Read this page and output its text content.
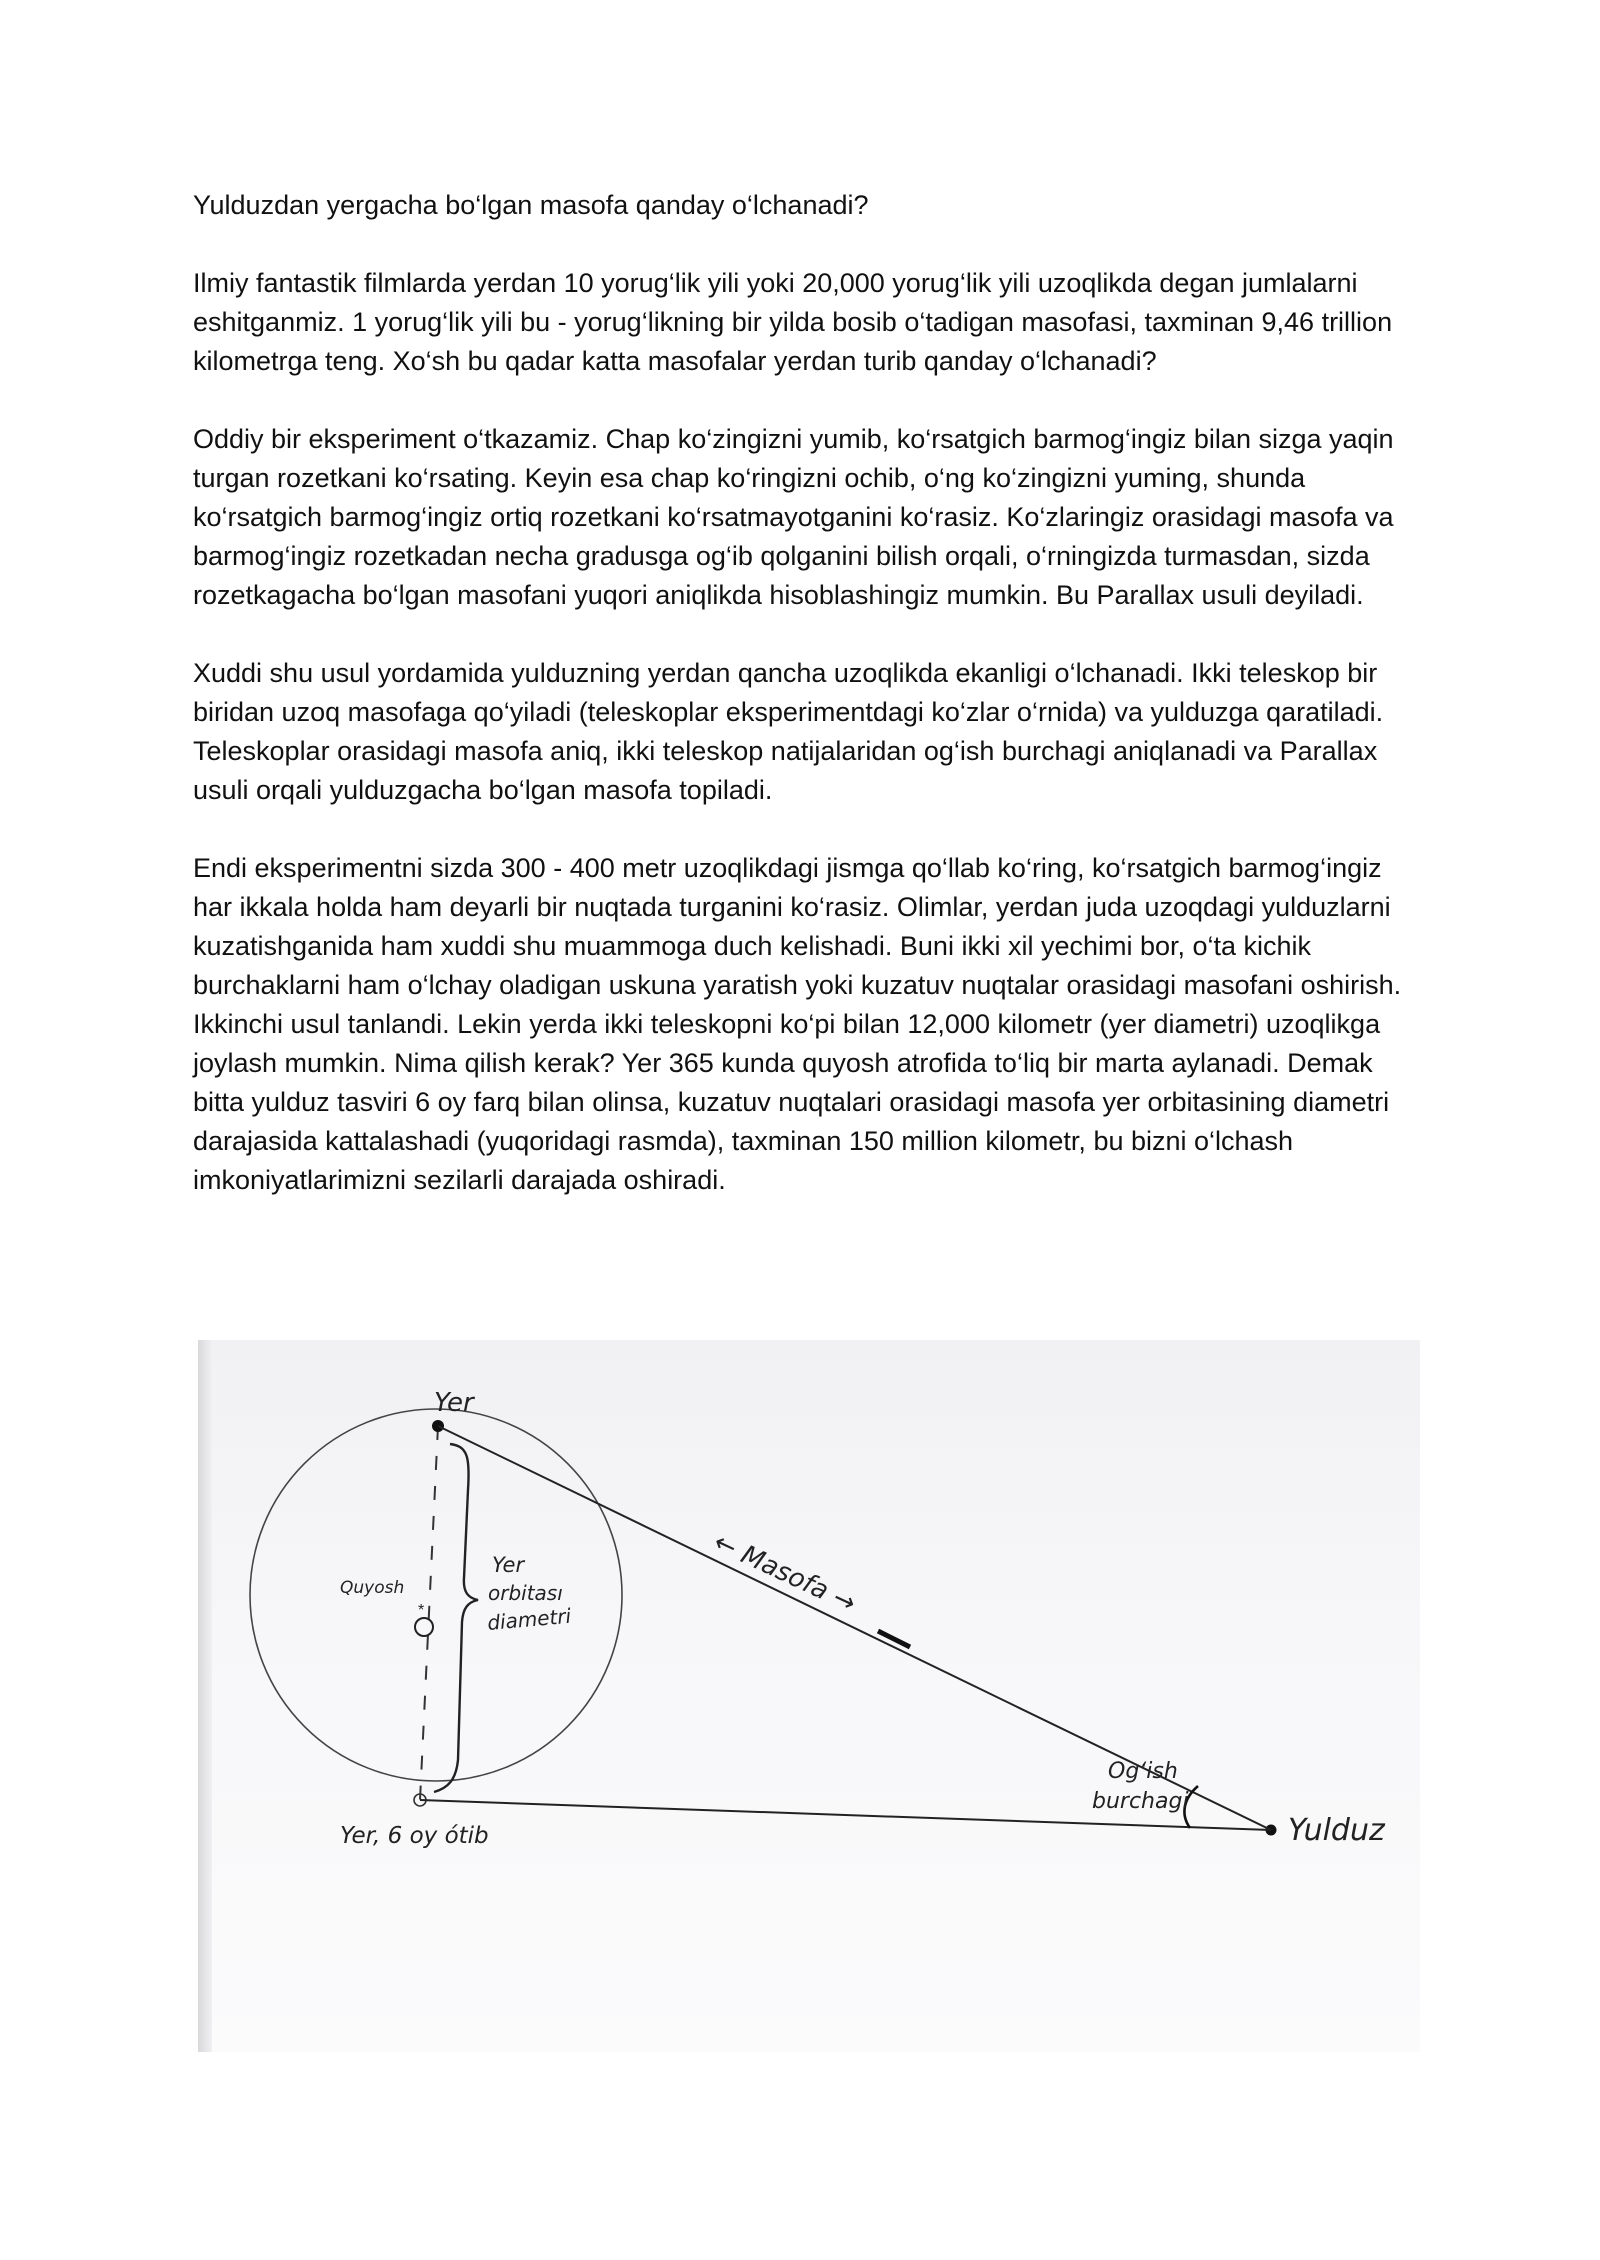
Yulduzdan yergacha bo‘lgan masofa qanday o‘lchanadi?

Ilmiy fantastik filmlarda yerdan 10 yorug‘lik yili yoki 20,000 yorug‘lik yili uzoqlikda degan jumlalarni eshitganmiz. 1 yorug‘lik yili bu - yorug‘likning bir yilda bosib o‘tadigan masofasi, taxminan 9,46 trillion kilometrga teng. Xo‘sh bu qadar katta masofalar yerdan turib qanday o‘lchanadi?

Oddiy bir eksperiment o‘tkazamiz. Chap ko‘zingizni yumib, ko‘rsatgich barmog‘ingiz bilan sizga yaqin turgan rozetkani ko‘rsating. Keyin esa chap ko‘ringizni ochib, o‘ng ko‘zingizni yuming, shunda ko‘rsatgich barmog‘ingiz ortiq rozetkani ko‘rsatmayotganini ko‘rasiz. Ko‘zlaringiz orasidagi masofa va barmog‘ingiz rozetkadan necha gradusga og‘ib qolganini bilish orqali, o‘rningizda turmasdan, sizda rozetkagacha bo‘lgan masofani yuqori aniqlikda hisoblashingiz mumkin. Bu Parallax usuli deyiladi.

Xuddi shu usul yordamida yulduzning yerdan qancha uzoqlikda ekanligi o‘lchanadi. Ikki teleskop bir biridan uzoq masofaga qo‘yiladi (teleskoplar eksperimentdagi ko‘zlar o‘rnida) va yulduzga qaratiladi. Teleskoplar orasidagi masofa aniq, ikki teleskop natijalaridan og‘ish burchagi aniqlanadi va Parallax usuli orqali yulduzgacha bo‘lgan masofa topiladi.

Endi eksperimentni sizda 300 - 400 metr uzoqlikdagi jismga qo‘llab ko‘ring, ko‘rsatgich barmog‘ingiz har ikkala holda ham deyarli bir nuqtada turganini ko‘rasiz. Olimlar, yerdan juda uzoqdagi yulduzlarni kuzatishganida ham xuddi shu muammoga duch kelishadi. Buni ikki xil yechimi bor, o‘ta kichik burchaklarni ham o‘lchay oladigan uskuna yaratish yoki kuzatuv nuqtalar orasidagi masofani oshirish. Ikkinchi usul tanlandi. Lekin yerda ikki teleskopni ko‘pi bilan 12,000 kilometr (yer diametri) uzoqlikga joylash mumkin. Nima qilish kerak? Yer 365 kunda quyosh atrofida to‘liq bir marta aylanadi. Demak bitta yulduz tasviri 6 oy farq bilan olinsa, kuzatuv nuqtalari orasidagi masofa yer orbitasining diametri darajasida kattalashadi (yuqoridagi rasmda), taxminan 150 million kilometr, bu bizni o‘lchash imkoniyatlarimizni sezilarli darajada oshiradi.

*
Yer
Quyosh
Yer
orbitası
diametri
← Masofa →
Og‘ish
burchagi
Yulduz
Yer, 6 oy ótib
